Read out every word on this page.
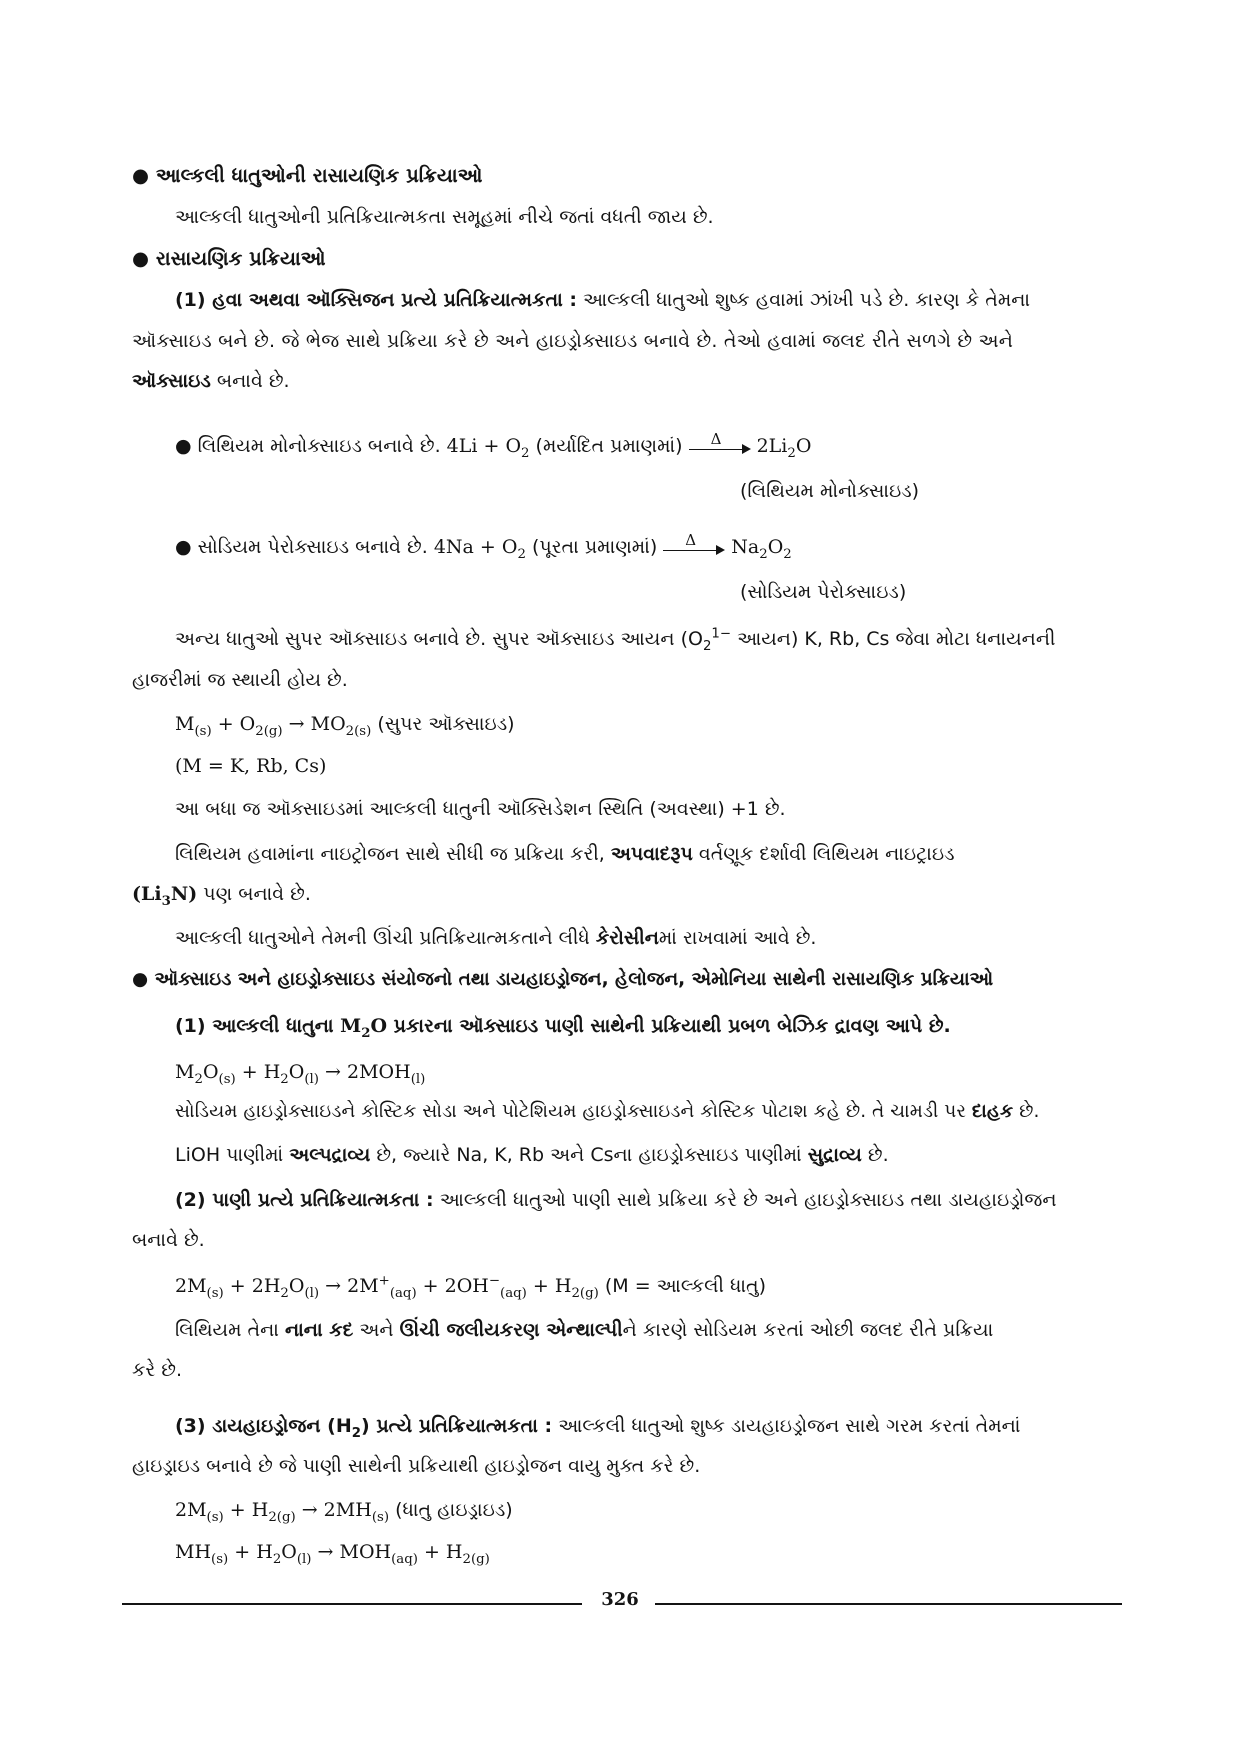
● આલ્કલી ધાતુઓની રાસાયણિક પ્રક્રિયાઓ
આલ્કલી ધાતુઓની પ્રતિક્રિયાત્મકતા સમૂહમાં નીચે જતાં વધતી જાય છે.
● રાસાયણિક પ્રક્રિયાઓ
(1) હવા અથવા ઑક્સિજન પ્રત્યે પ્રતિક્રિયાત્મકતા : આલ્કલી ધાતુઓ શુષ્ક હવામાં ઝાંખી પડે છે. કારણ કે તેમના
ઑક્સાઇડ બને છે. જે ભેજ સાથે પ્રક્રિયા કરે છે અને હાઇડ્રોક્સાઇડ બનાવે છે. તેઓ હવામાં જલદ રીતે સળગે છે અને
ઑક્સાઇડ બનાવે છે.
● લિથિયમ મોનોક્સાઇડ બનાવે છે. $4Li + O_2$ (મર્યાદિત પ્રમાણમાં) Δ $2Li_2O$
(લિથિયમ મોનોક્સાઇડ)
● સોડિયમ પેરોક્સાઇડ બનાવે છે. $4Na + O_2$ (પૂરતા પ્રમાણમાં) Δ $Na_2O_2$
(સોડિયમ પેરોક્સાઇડ)
અન્ય ધાતુઓ સુપર ઑક્સાઇડ બનાવે છે. સુપર ઑક્સાઇડ આયન ($O_2^{1-}$ આયન) K, Rb, Cs જેવા મોટા ધનાયનની
હાજરીમાં જ સ્થાયી હોય છે.
$M_{(s)} + O_{2(g)} \to MO_{2(s)}$ (સુપર ઑક્સાઇડ)
(M = K, Rb, Cs)
આ બધા જ ઑક્સાઇડમાં આલ્કલી ધાતુની ઑક્સિડેશન સ્થિતિ (અવસ્થા) +1 છે.
લિથિયમ હવામાંના નાઇટ્રોજન સાથે સીધી જ પ્રક્રિયા કરી, અપવાદરૂપ વર્તણૂક દર્શાવી લિથિયમ નાઇટ્રાઇડ
$(Li_3N)$ પણ બનાવે છે.
આલ્કલી ધાતુઓને તેમની ઊંચી પ્રતિક્રિયાત્મકતાને લીધે કેરોસીનમાં રાખવામાં આવે છે.
● ઑક્સાઇડ અને હાઇડ્રોક્સાઇડ સંયોજનો તથા ડાયહાઇડ્રોજન, હેલોજન, એમોનિયા સાથેની રાસાયણિક પ્રક્રિયાઓ
(1) આલ્કલી ધાતુના $M_2O$ પ્રકારના ઑક્સાઇડ પાણી સાથેની પ્રક્રિયાથી પ્રબળ બેઝિક દ્રાવણ આપે છે.
$M_2O_{(s)} + H_2O_{(l)} \to 2MOH_{(l)}$
સોડિયમ હાઇડ્રોક્સાઇડને કોસ્ટિક સોડા અને પોટેશિયમ હાઇડ્રોક્સાઇડને કોસ્ટિક પોટાશ કહે છે. તે ચામડી પર દાહક છે.
LiOH પાણીમાં અલ્પદ્રાવ્ય છે, જ્યારે Na, K, Rb અને Csના હાઇડ્રોક્સાઇડ પાણીમાં સુદ્રાવ્ય છે.
(2) પાણી પ્રત્યે પ્રતિક્રિયાત્મકતા : આલ્કલી ધાતુઓ પાણી સાથે પ્રક્રિયા કરે છે અને હાઇડ્રોક્સાઇડ તથા ડાયહાઇડ્રોજન
બનાવે છે.
$2M_{(s)} + 2H_2O_{(l)} \to 2M^+_{(aq)} + 2OH^-_{(aq)} + H_{2(g)}$ (M = આલ્કલી ધાતુ)
લિથિયમ તેના નાના કદ અને ઊંચી જલીયકરણ એન્થાલ્પીને કારણે સોડિયમ કરતાં ઓછી જલદ રીતે પ્રક્રિયા
કરે છે.
(3) ડાયહાઇડ્રોજન $(H_2)$ પ્રત્યે પ્રતિક્રિયાત્મકતા : આલ્કલી ધાતુઓ શુષ્ક ડાયહાઇડ્રોજન સાથે ગરમ કરતાં તેમનાં
હાઇડ્રાઇડ બનાવે છે જે પાણી સાથેની પ્રક્રિયાથી હાઇડ્રોજન વાયુ મુક્ત કરે છે.
$2M_{(s)} + H_{2(g)} \to 2MH_{(s)}$ (ધાતુ હાઇડ્રાઇડ)
$MH_{(s)} + H_2O_{(l)} \to MOH_{(aq)} + H_{2(g)}$
326
